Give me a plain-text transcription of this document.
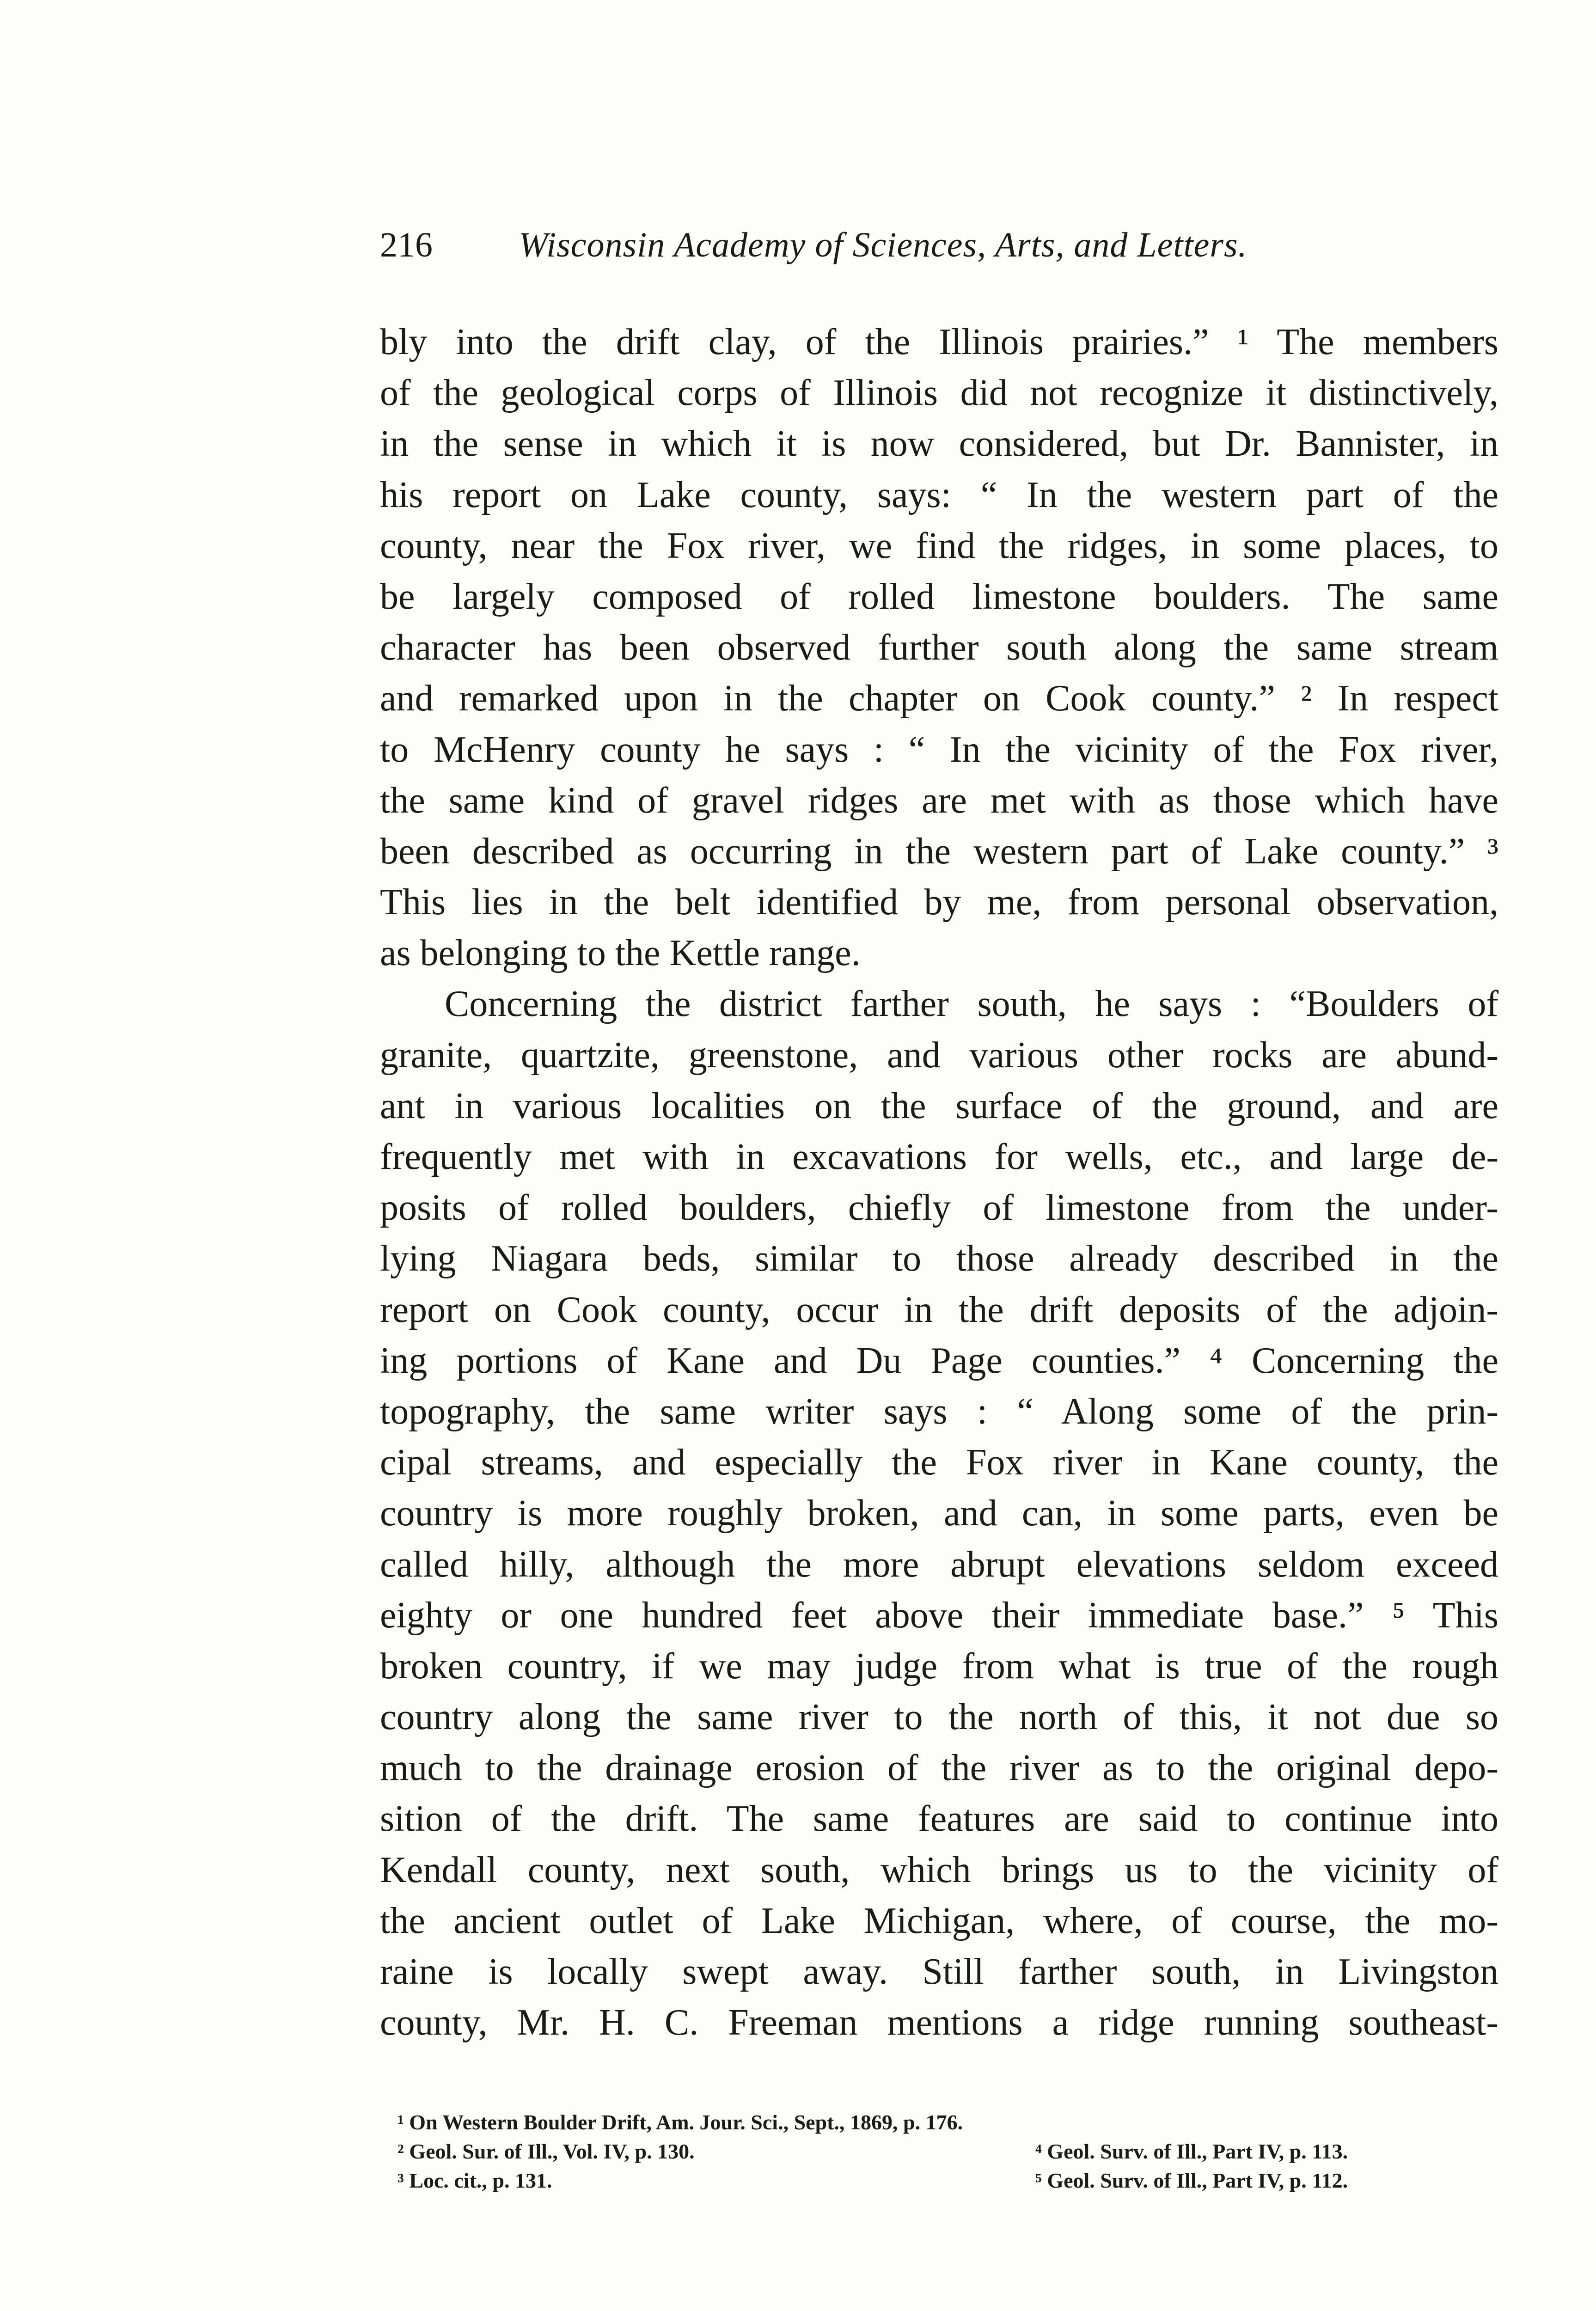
216 Wisconsin Academy of Sciences, Arts, and Letters.
bly into the drift clay, of the Illinois prairies.” ¹ The members
of the geological corps of Illinois did not recognize it distinctively,
in the sense in which it is now considered, but Dr. Bannister, in
his report on Lake county, says: “ In the western part of the
county, near the Fox river, we find the ridges, in some places, to
be largely composed of rolled limestone boulders. The same
character has been observed further south along the same stream
and remarked upon in the chapter on Cook county.” ² In respect
to McHenry county he says : “ In the vicinity of the Fox river,
the same kind of gravel ridges are met with as those which have
been described as occurring in the western part of Lake county.” ³
This lies in the belt identified by me, from personal observation,
as belonging to the Kettle range.
Concerning the district farther south, he says : “Boulders of
granite, quartzite, greenstone, and various other rocks are abund-
ant in various localities on the surface of the ground, and are
frequently met with in excavations for wells, etc., and large de-
posits of rolled boulders, chiefly of limestone from the under-
lying Niagara beds, similar to those already described in the
report on Cook county, occur in the drift deposits of the adjoin-
ing portions of Kane and Du Page counties.” ⁴ Concerning the
topography, the same writer says : “ Along some of the prin-
cipal streams, and especially the Fox river in Kane county, the
country is more roughly broken, and can, in some parts, even be
called hilly, although the more abrupt elevations seldom exceed
eighty or one hundred feet above their immediate base.” ⁵ This
broken country, if we may judge from what is true of the rough
country along the same river to the north of this, it not due so
much to the drainage erosion of the river as to the original depo-
sition of the drift. The same features are said to continue into
Kendall county, next south, which brings us to the vicinity of
the ancient outlet of Lake Michigan, where, of course, the mo-
raine is locally swept away. Still farther south, in Livingston
county, Mr. H. C. Freeman mentions a ridge running southeast-
¹ On Western Boulder Drift, Am. Jour. Sci., Sept., 1869, p. 176.
² Geol. Sur. of Ill., Vol. IV, p. 130.	⁴ Geol. Surv. of Ill., Part IV, p. 113.
³ Loc. cit., p. 131.	⁵ Geol. Surv. of Ill., Part IV, p. 112.
